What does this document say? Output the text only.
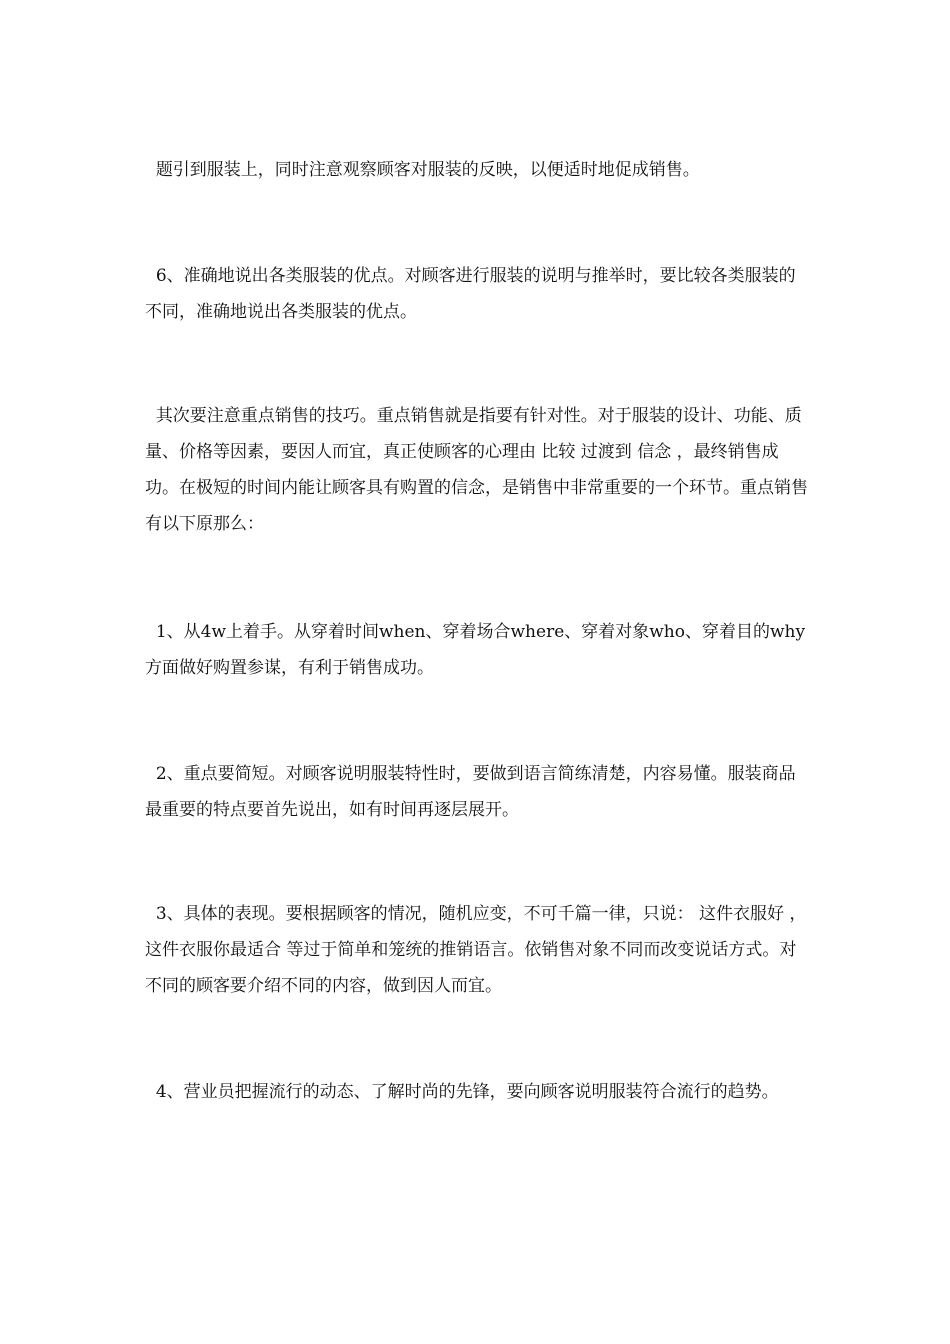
题引到服装上，同时注意观察顾客对服装的反映，以便适时地促成销售。

6、准确地说出各类服装的优点。对顾客进行服装的说明与推举时，要比较各类服装的不同，准确地说出各类服装的优点。

其次要注意重点销售的技巧。重点销售就是指要有针对性。对于服装的设计、功能、质量、价格等因素，要因人而宜，真正使顾客的心理由 比较 过渡到 信念 ，最终销售成功。在极短的时间内能让顾客具有购置的信念，是销售中非常重要的一个环节。重点销售有以下原那么：

1、从4w上着手。从穿着时间when、穿着场合where、穿着对象who、穿着目的why方面做好购置参谋，有利于销售成功。

2、重点要简短。对顾客说明服装特性时，要做到语言简练清楚，内容易懂。服装商品最重要的特点要首先说出，如有时间再逐层展开。

3、具体的表现。要根据顾客的情况，随机应变，不可千篇一律，只说： 这件衣服好 ， 这件衣服你最适合 等过于简单和笼统的推销语言。依销售对象不同而改变说话方式。对不同的顾客要介绍不同的内容，做到因人而宜。

4、营业员把握流行的动态、了解时尚的先锋，要向顾客说明服装符合流行的趋势。
